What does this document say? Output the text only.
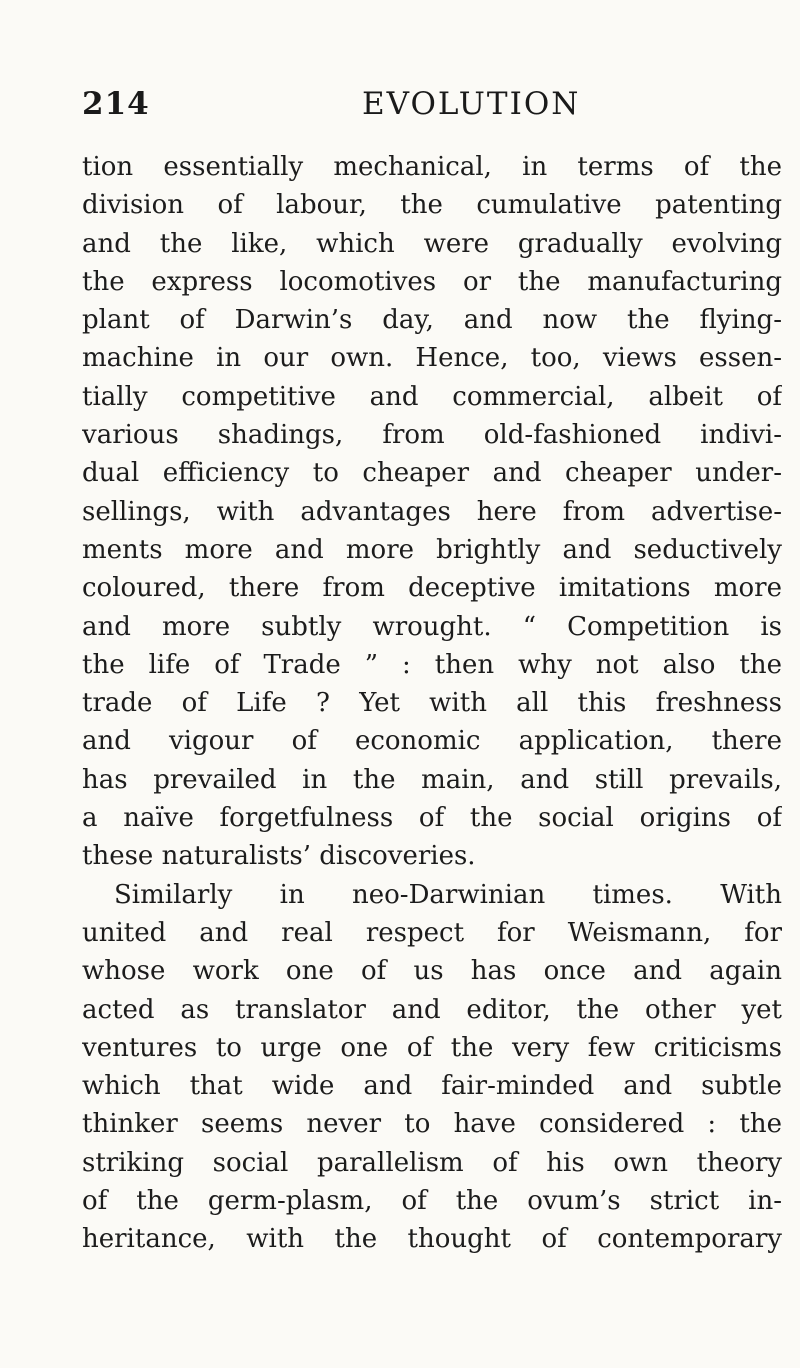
214	EVOLUTION
tion essentially mechanical, in terms of the
division of labour, the cumulative patenting
and the like, which were gradually evolving
the express locomotives or the manufacturing
plant of Darwin’s day, and now the flying-
machine in our own. Hence, too, views essen-
tially competitive and commercial, albeit of
various shadings, from old-fashioned indivi-
dual efficiency to cheaper and cheaper under-
sellings, with advantages here from advertise-
ments more and more brightly and seductively
coloured, there from deceptive imitations more
and more subtly wrought. “ Competition is
the life of Trade ” : then why not also the
trade of Life ? Yet with all this freshness
and vigour of economic application, there
has prevailed in the main, and still prevails,
a naïve forgetfulness of the social origins of
these naturalists’ discoveries.
Similarly in neo-Darwinian times. With
united and real respect for Weismann, for
whose work one of us has once and again
acted as translator and editor, the other yet
ventures to urge one of the very few criticisms
which that wide and fair-minded and subtle
thinker seems never to have considered : the
striking social parallelism of his own theory
of the germ-plasm, of the ovum’s strict in-
heritance, with the thought of contemporary
